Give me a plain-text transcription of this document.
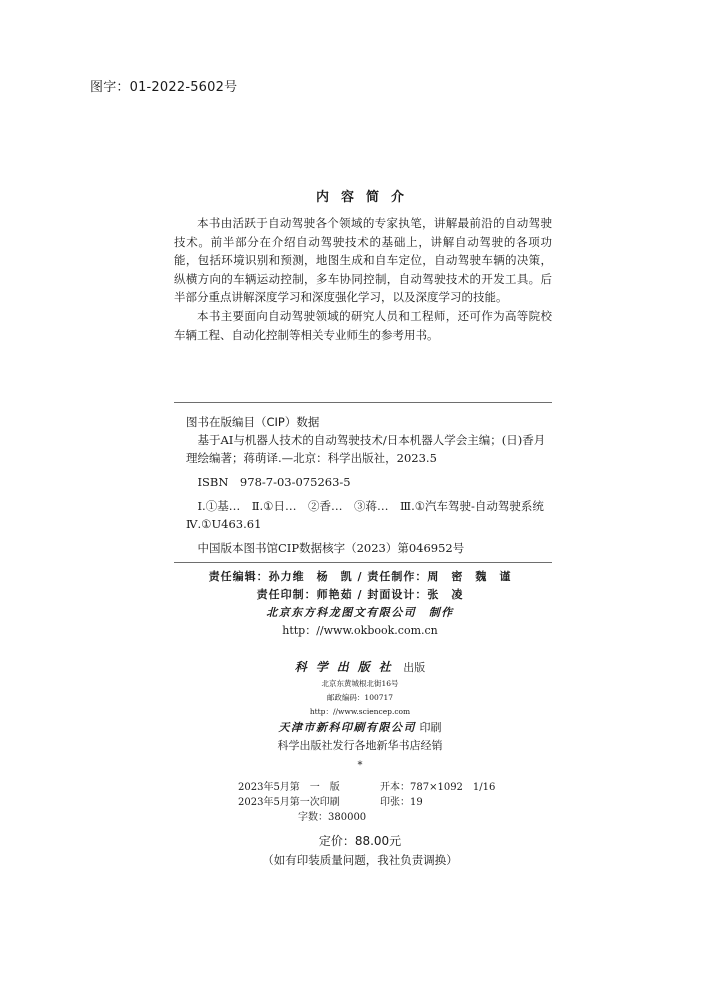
图字：01-2022-5602号
内容简介

本书由活跃于自动驾驶各个领域的专家执笔，讲解最前沿的自动驾驶技术。前半部分在介绍自动驾驶技术的基础上，讲解自动驾驶的各项功能，包括环境识别和预测，地图生成和自车定位，自动驾驶车辆的决策，纵横方向的车辆运动控制，多车协同控制，自动驾驶技术的开发工具。后半部分重点讲解深度学习和深度强化学习，以及深度学习的技能。

本书主要面向自动驾驶领域的研究人员和工程师，还可作为高等院校车辆工程、自动化控制等相关专业师生的参考用书。

图书在版编目（CIP）数据
　基于AI与机器人技术的自动驾驶技术/日本机器人学会主编；(日)香月
理绘编著；蒋萌译.—北京：科学出版社，2023.5
　ISBN　978-7-03-075263-5
　Ⅰ.①基…　Ⅱ.①日…　②香…　③蒋…　Ⅲ.①汽车驾驶-自动驾驶系统
Ⅳ.①U463.61
　中国版本图书馆CIP数据核字（2023）第046952号
责任编辑：孙力维　杨　凯 / 责任制作：周　密　魏　谨
责任印制：师艳茹 / 封面设计：张　凌
北京东方科龙图文有限公司　制作
http：//www.okbook.com.cn
科学出版社 出版
北京东黄城根北街16号
邮政编码：100717
http：//www.sciencep.com
天津市新科印刷有限公司 印刷
科学出版社发行各地新华书店经销
*
2023年5月第　一　版	开本：787×1092　1/16
2023年5月第一次印刷	印张：19
字数：380000
定价：88.00元
（如有印装质量问题，我社负责调换）
